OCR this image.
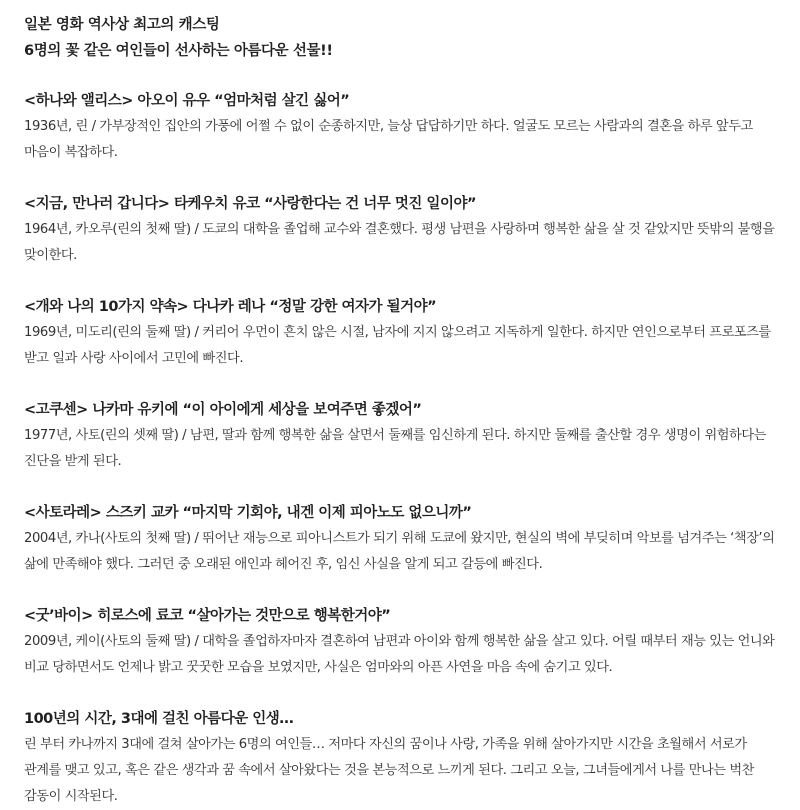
일본 영화 역사상 최고의 캐스팅
6명의 꽃 같은 여인들이 선사하는 아름다운 선물!!
<하나와 앨리스> 아오이 유우 “엄마처럼 살긴 싫어”
1936년, 린 / 가부장적인 집안의 가풍에 어쩔 수 없이 순종하지만, 늘상 답답하기만 하다. 얼굴도 모르는 사람과의 결혼을 하루 앞두고 마음이 복잡하다.
<지금, 만나러 갑니다> 타케우치 유코 “사랑한다는 건 너무 멋진 일이야”
1964년, 카오루(린의 첫째 딸) / 도쿄의 대학을 졸업해 교수와 결혼했다. 평생 남편을 사랑하며 행복한 삶을 살 것 같았지만 뜻밖의 불행을 맞이한다.
<개와 나의 10가지 약속> 다나카 레나 “정말 강한 여자가 될거야”
1969년, 미도리(린의 둘째 딸) / 커리어 우먼이 흔치 않은 시절, 남자에 지지 않으려고 지독하게 일한다. 하지만 연인으로부터 프로포즈를 받고 일과 사랑 사이에서 고민에 빠진다.
<고쿠센> 나카마 유키에 “이 아이에게 세상을 보여주면 좋겠어”
1977년, 사토(린의 셋째 딸) / 남편, 딸과 함께 행복한 삶을 살면서 둘째를 임신하게 된다. 하지만 둘째를 출산할 경우 생명이 위험하다는 진단을 받게 된다.
<사토라레> 스즈키 교카 “마지막 기회야, 내겐 이제 피아노도 없으니까”
2004년, 카나(사토의 첫째 딸) / 뛰어난 재능으로 피아니스트가 되기 위해 도쿄에 왔지만, 현실의 벽에 부딪히며 악보를 넘겨주는 ‘책장’의 삶에 만족해야 했다. 그러던 중 오래된 애인과 헤어진 후, 임신 사실을 알게 되고 갈등에 빠진다.
<굿’바이> 히로스에 료코 “살아가는 것만으로 행복한거야”
2009년, 케이(사토의 둘째 딸) / 대학을 졸업하자마자 결혼하여 남편과 아이와 함께 행복한 삶을 살고 있다. 어릴 때부터 재능 있는 언니와 비교 당하면서도 언제나 밝고 꿋꿋한 모습을 보였지만, 사실은 엄마와의 아픈 사연을 마음 속에 숨기고 있다.
100년의 시간, 3대에 걸친 아름다운 인생…
린 부터 카나까지 3대에 걸쳐 살아가는 6명의 여인들… 저마다 자신의 꿈이나 사랑, 가족을 위해 살아가지만 시간을 초월해서 서로가 관계를 맺고 있고, 혹은 같은 생각과 꿈 속에서 살아왔다는 것을 본능적으로 느끼게 된다. 그리고 오늘, 그녀들에게서 나를 만나는 벅찬 감동이 시작된다.
